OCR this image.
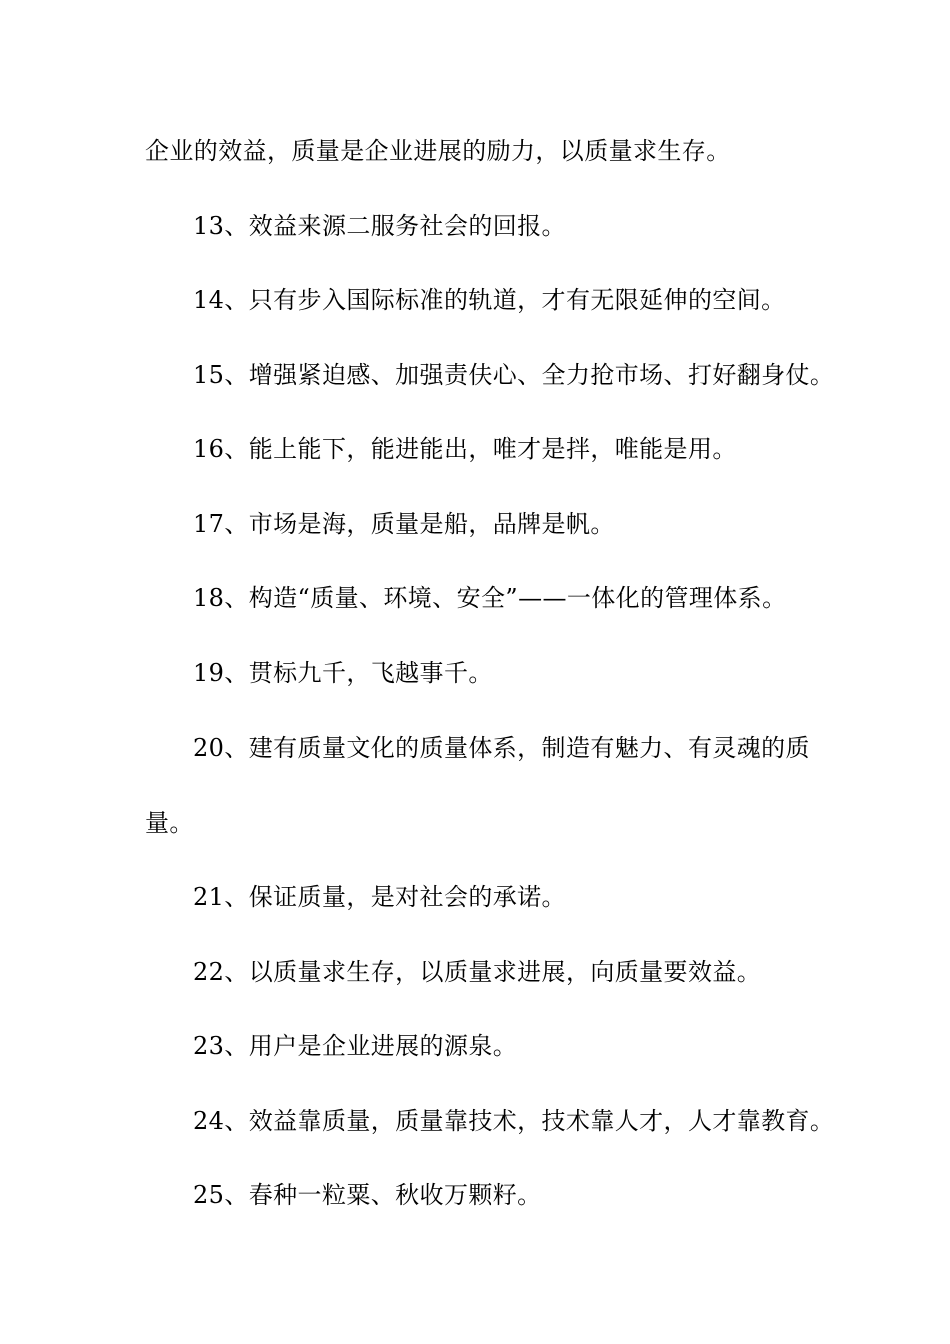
企业的效益，质量是企业进展的励力，以质量求生存。

13、效益来源二服务社会的回报。

14、只有步入国际标准的轨道，才有无限延伸的空间。

15、增强紧迫感、加强责伕心、全力抢市场、打好翻身仗。

16、能上能下，能进能出，唯才是拌，唯能是用。

17、市场是海，质量是船，品牌是帆。

18、构造“质量、环境、安全”——一体化的管理体系。

19、贯标九千，飞越事千。

20、建有质量文化的质量体系，制造有魅力、有灵魂的质

量。

21、保证质量，是对社会的承诺。

22、以质量求生存，以质量求进展，向质量要效益。

23、用户是企业进展的源泉。

24、效益靠质量，质量靠技术，技术靠人才，人才靠教育。

25、春种一粒粟、秋收万颗籽。
